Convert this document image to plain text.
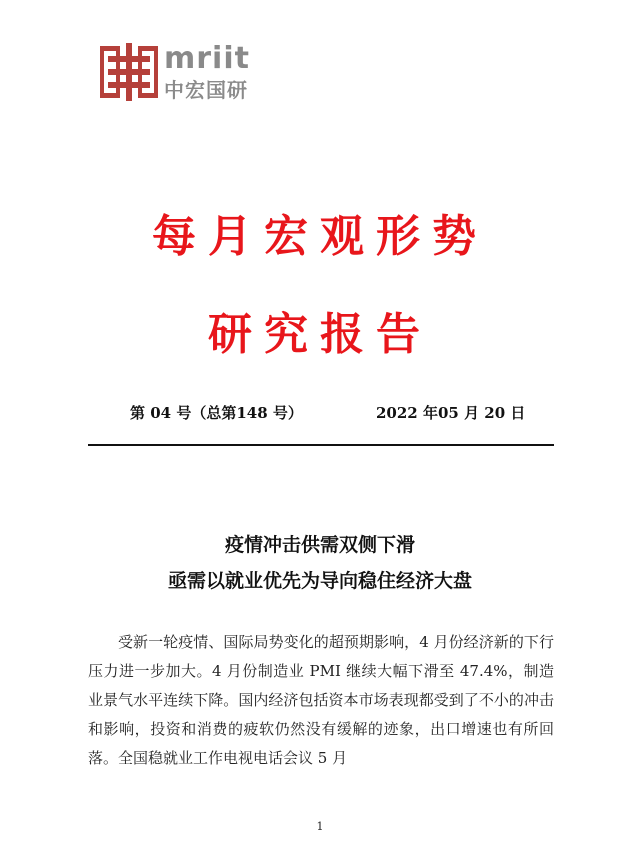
mriit
中宏国研
每月宏观形势
研究报告
第 04 号（总第148 号）	2022 年05 月 20 日
疫情冲击供需双侧下滑
亟需以就业优先为导向稳住经济大盘
受新一轮疫情、国际局势变化的超预期影响，4 月份经济新的下行压力进一步加大。4 月份制造业 PMI 继续大幅下滑至 47.4%，制造业景气水平连续下降。国内经济包括资本市场表现都受到了不小的冲击和影响，投资和消费的疲软仍然没有缓解的迹象，出口增速也有所回落。全国稳就业工作电视电话会议 5 月
1
